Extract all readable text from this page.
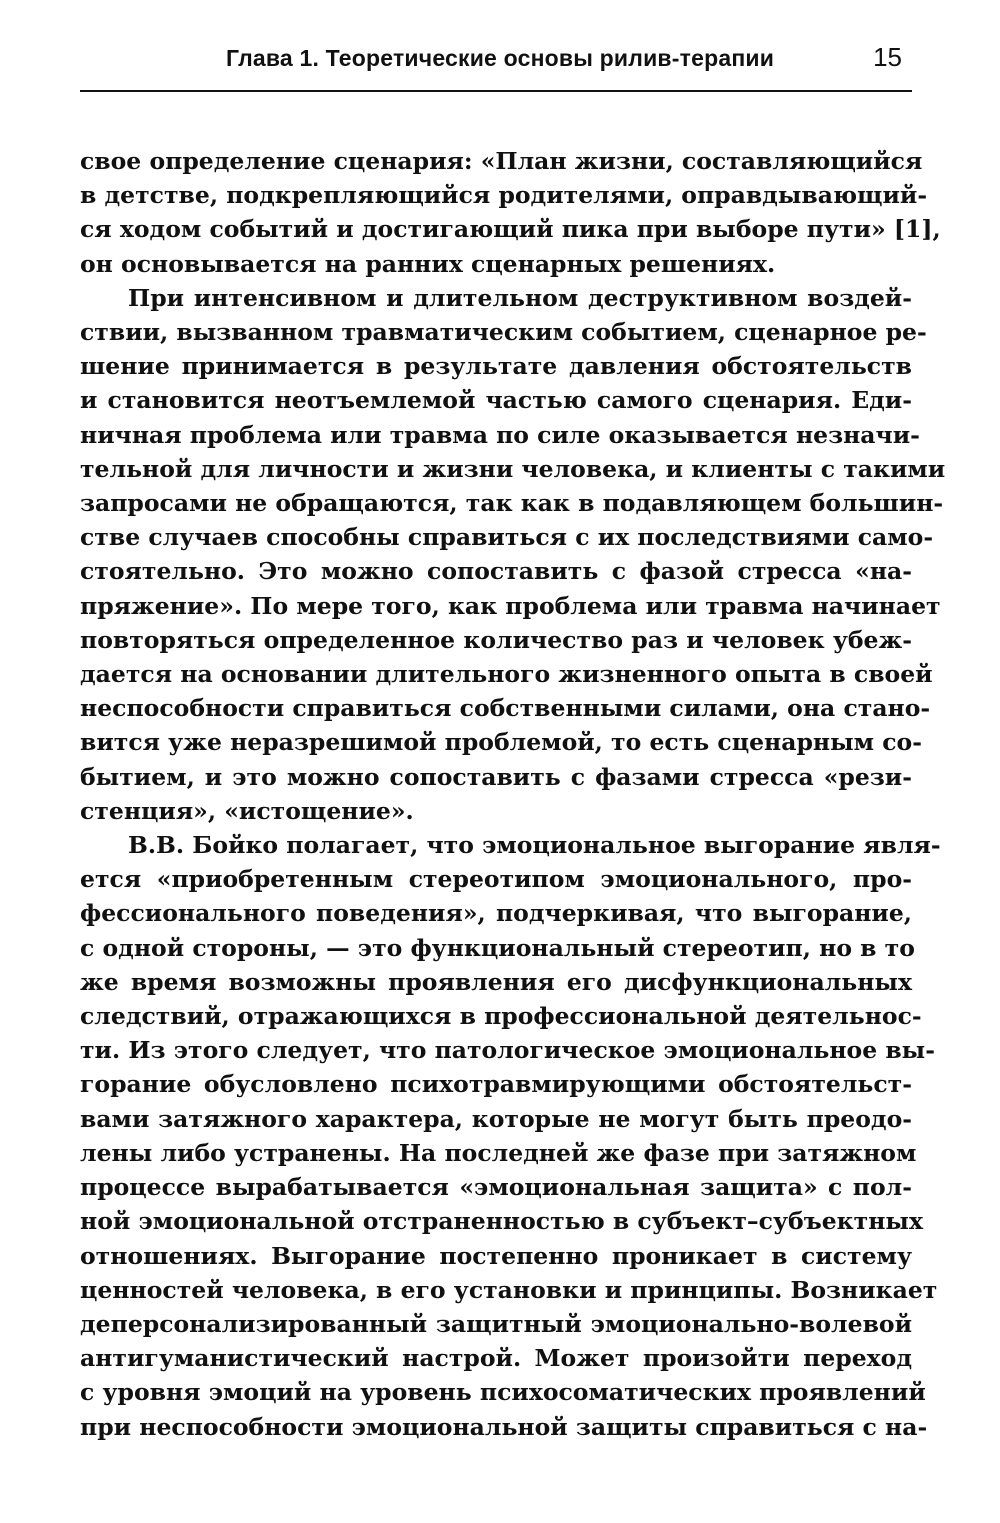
Глава 1. Теоретические основы рилив-терапии	15

свое определение сценария: «План жизни, составляющийся
в детстве, подкрепляющийся родителями, оправдывающий-
ся ходом событий и достигающий пика при выборе пути» [1],
он основывается на ранних сценарных решениях.

При интенсивном и длительном деструктивном воздей-
ствии, вызванном травматическим событием, сценарное ре-
шение принимается в результате давления обстоятельств
и становится неотъемлемой частью самого сценария. Еди-
ничная проблема или травма по силе оказывается незначи-
тельной для личности и жизни человека, и клиенты с такими
запросами не обращаются, так как в подавляющем большин-
стве случаев способны справиться с их последствиями само-
стоятельно. Это можно сопоставить с фазой стресса «на-
пряжение». По мере того, как проблема или травма начинает
повторяться определенное количество раз и человек убеж-
дается на основании длительного жизненного опыта в своей
неспособности справиться собственными силами, она стано-
вится уже неразрешимой проблемой, то есть сценарным со-
бытием, и это можно сопоставить с фазами стресса «рези-
стенция», «истощение».

В.В. Бойко полагает, что эмоциональное выгорание явля-
ется «приобретенным стереотипом эмоционального, про-
фессионального поведения», подчеркивая, что выгорание,
с одной стороны, — это функциональный стереотип, но в то
же время возможны проявления его дисфункциональных
следствий, отражающихся в профессиональной деятельнос-
ти. Из этого следует, что патологическое эмоциональное вы-
горание обусловлено психотравмирующими обстоятельст-
вами затяжного характера, которые не могут быть преодо-
лены либо устранены. На последней же фазе при затяжном
процессе вырабатывается «эмоциональная защита» с пол-
ной эмоциональной отстраненностью в субъект–субъектных
отношениях. Выгорание постепенно проникает в систему
ценностей человека, в его установки и принципы. Возникает
деперсонализированный защитный эмоционально-волевой
антигуманистический настрой. Может произойти переход
с уровня эмоций на уровень психосоматических проявлений
при неспособности эмоциональной защиты справиться с на-
